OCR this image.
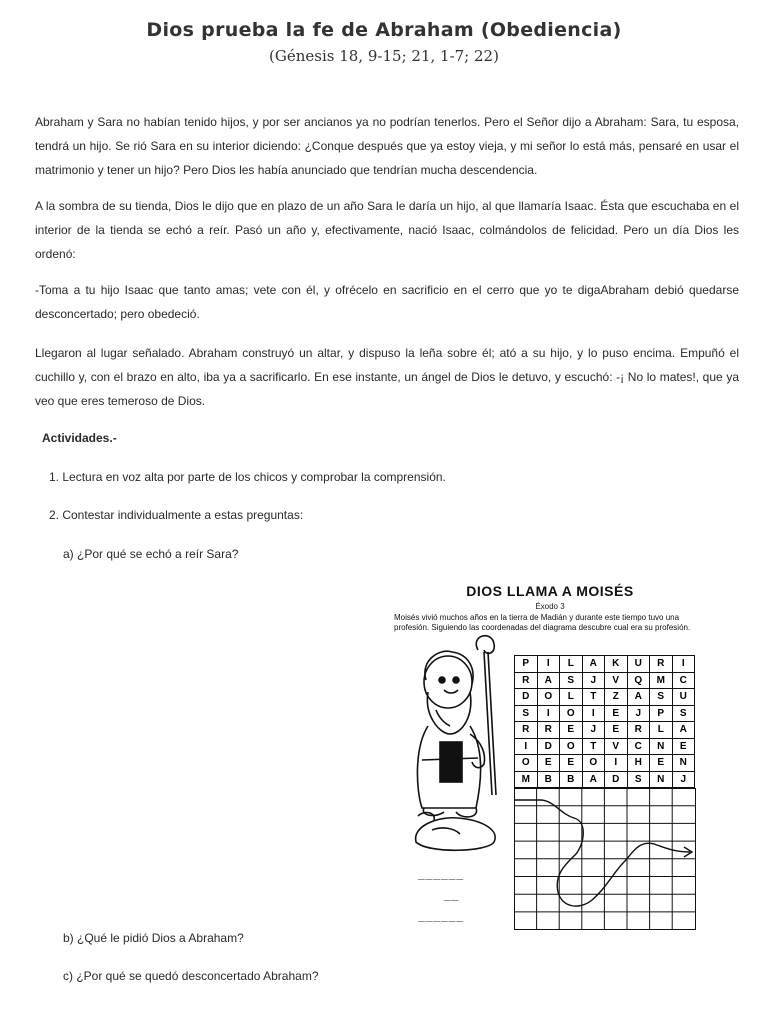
Dios prueba la fe de Abraham (Obediencia)
(Génesis 18, 9-15; 21, 1-7; 22)

Abraham y Sara no habían tenido hijos, y por ser ancianos ya no podrían tenerlos. Pero el Señor dijo a Abraham: Sara, tu esposa, tendrá un hijo. Se rió Sara en su interior diciendo: ¿Conque después que ya estoy vieja, y mi señor lo está más, pensaré en usar el matrimonio y tener un hijo? Pero Dios les había anunciado que tendrían mucha descendencia.

A la sombra de su tienda, Dios le dijo que en plazo de un año Sara le daría un hijo, al que llamaría Isaac. Ésta que escuchaba en el interior de la tienda se echó a reír. Pasó un año y, efectivamente, nació Isaac, colmándolos de felicidad. Pero un día Dios les ordenó:

-Toma a tu hijo Isaac que tanto amas; vete con él, y ofrécelo en sacrificio en el cerro que yo te digaAbraham debió quedarse desconcertado; pero obedeció.

Llegaron al lugar señalado. Abraham construyó un altar, y dispuso la leña sobre él; ató a su hijo, y lo puso encima. Empuñó el cuchillo y, con el brazo en alto, iba ya a sacrificarlo. En ese instante, un ángel de Dios le detuvo, y escuchó: -¡ No lo mates!, que ya veo que eres temeroso de Dios.

Actividades.-
1. Lectura en voz alta por parte de los chicos y comprobar la comprensión.
2. Contestar individualmente a estas preguntas:
a) ¿Por qué se echó a reír Sara?
b) ¿Qué le pidió Dios a Abraham?
c) ¿Por qué se quedó desconcertado Abraham?
DIOS LLAMA A MOISÉS
Éxodo 3
Moisés vivió muchos años en la tierra de Madián y durante este tiempo tuvo una profesión. Siguiendo las coordenadas del diagrama descubre cual era su profesión.
______
__
______
P	I	L	A	K	U	R	I
R	A	S	J	V	Q	M	C
D	O	L	T	Z	A	S	U
S	I	O	I	E	J	P	S
R	R	E	J	E	R	L	A
I	D	O	T	V	C	N	E
O	E	E	O	I	H	E	N
M	B	B	A	D	S	N	J
